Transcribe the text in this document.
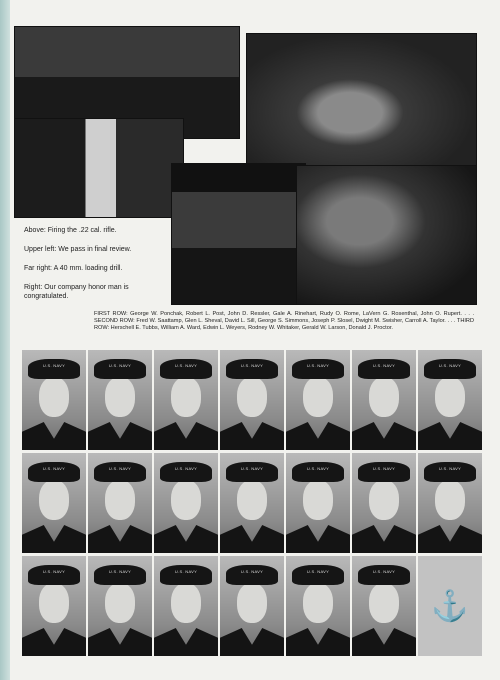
Above: Firing the .22 cal. rifle.

Upper left: We pass in final review.

Far right: A 40 mm. loading drill.

Right: Our company honor man is congratulated.

FIRST ROW: George W. Ponchak, Robert L. Post, John D. Ressler, Gale A. Rinehart, Rudy O. Rome, LaVern G. Rosenthal, John O. Rupert. . . . SECOND ROW: Fred W. Saattamp, Glen L. Sheval, David L. Sill, George S. Simmons, Joseph P. Slosel, Dwight M. Swisher, Carroll A. Taylor. . . . THIRD ROW: Herschell E. Tubbs, William A. Ward, Edwin L. Weyers, Rodney W. Whitaker, Gerald W. Larson, Donald J. Proctor.
U.S. NAVY	U.S. NAVY	U.S. NAVY	U.S. NAVY	U.S. NAVY	U.S. NAVY	U.S. NAVY
U.S. NAVY	U.S. NAVY	U.S. NAVY	U.S. NAVY	U.S. NAVY	U.S. NAVY	U.S. NAVY
U.S. NAVY	U.S. NAVY	U.S. NAVY	U.S. NAVY	U.S. NAVY	U.S. NAVY
⚓
